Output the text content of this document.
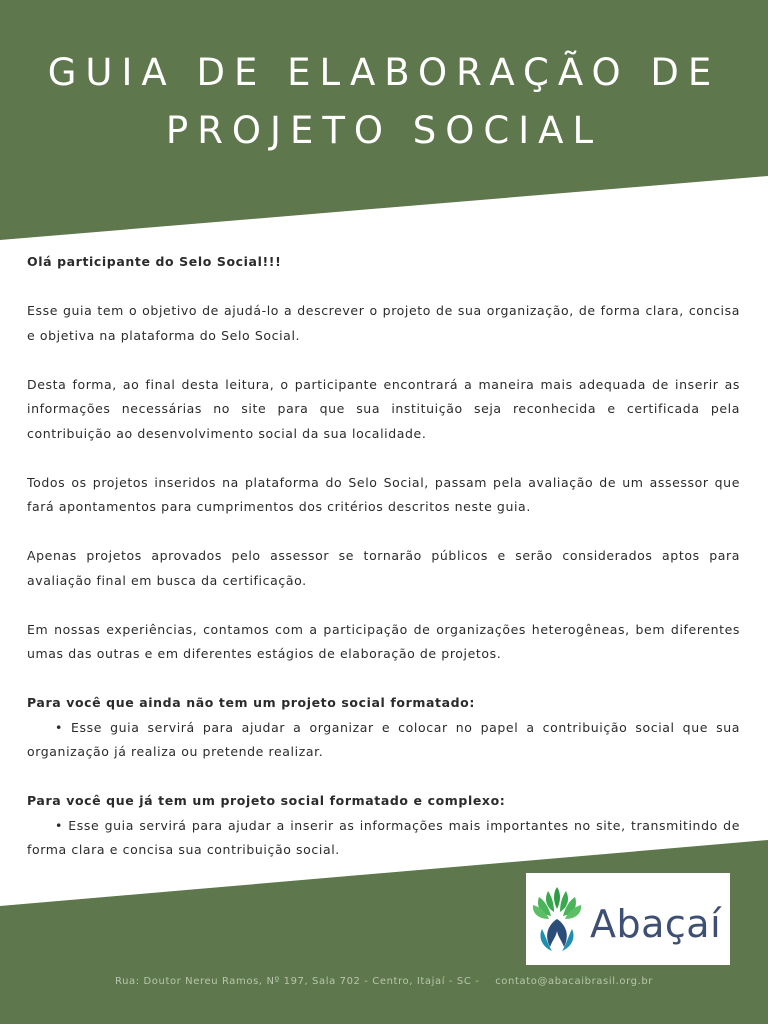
GUIA DE ELABORAÇÃO DE
PROJETO SOCIAL

Olá participante do Selo Social!!!

Esse guia tem o objetivo de ajudá-lo a descrever o projeto de sua organização, de forma clara, concisa e objetiva na plataforma do Selo Social.

Desta forma, ao final desta leitura, o participante encontrará a maneira mais adequada de inserir as informações necessárias no site para que sua instituição seja reconhecida e certificada pela contribuição ao desenvolvimento social da sua localidade.

Todos os projetos inseridos na plataforma do Selo Social, passam pela avaliação de um assessor que fará apontamentos para cumprimentos dos critérios descritos neste guia.

Apenas projetos aprovados pelo assessor se tornarão públicos e serão considerados aptos para avaliação final em busca da certificação.

Em nossas experiências, contamos com a participação de organizações heterogêneas, bem diferentes umas das outras e em diferentes estágios de elaboração de projetos.

Para você que ainda não tem um projeto social formatado:

• Esse guia servirá para ajudar a organizar e colocar no papel a contribuição social que sua organização já realiza ou pretende realizar.

Para você que já tem um projeto social formatado e complexo:

• Esse guia servirá para ajudar a inserir as informações mais importantes no site, transmitindo de forma clara e concisa sua contribuição social.

Abaçaí
Rua: Doutor Nereu Ramos, Nº 197, Sala 702 - Centro, Itajaí - SC - contato@abacaibrasil.org.br
